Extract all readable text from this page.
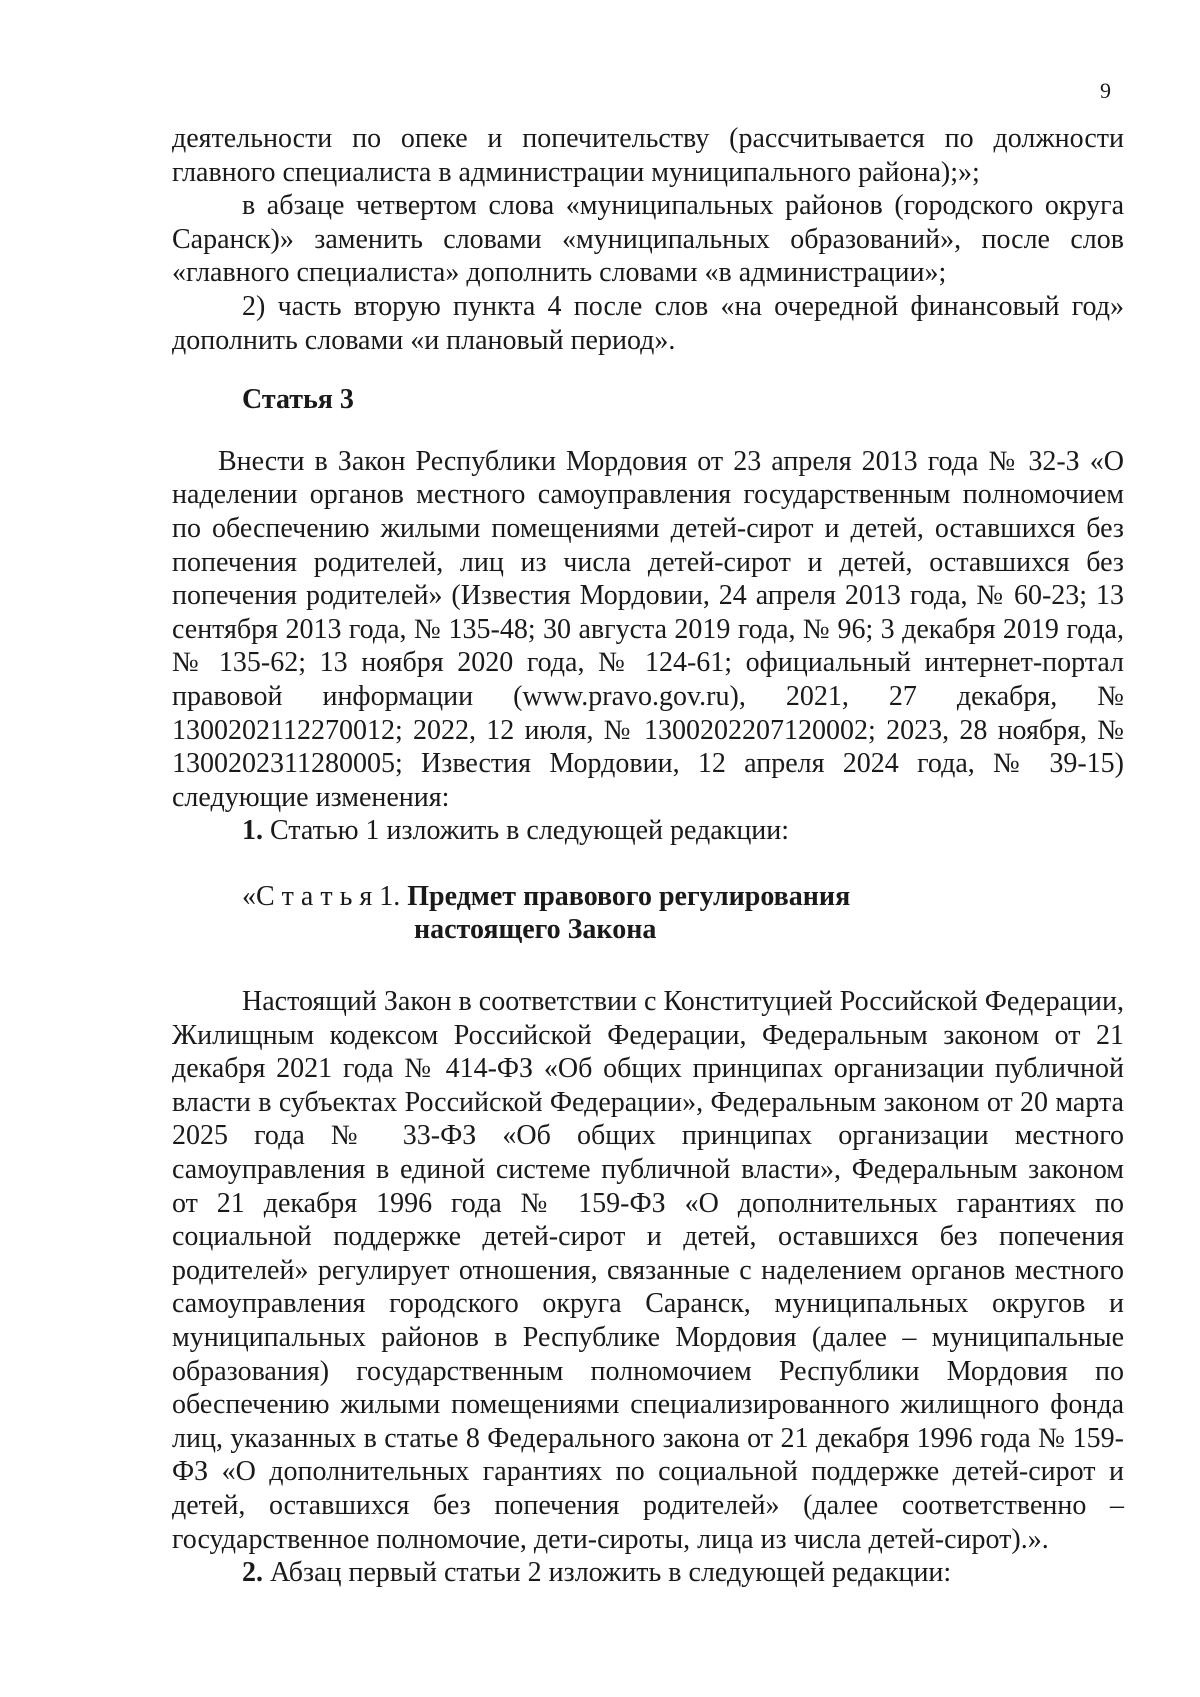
9

деятельности по опеке и попечительству (рассчитывается по должности главного специалиста в администрации муниципального района);»;

в абзаце четвертом слова «муниципальных районов (городского округа Саранск)» заменить словами «муниципальных образований», после слов «главного специалиста» дополнить словами «в администрации»;

2) часть вторую пункта 4 после слов «на очередной финансовый год» дополнить словами «и плановый период».

Статья 3

Внести в Закон Республики Мордовия от 23 апреля 2013 года № 32-З «О наделении органов местного самоуправления государственным полномочием по обеспечению жилыми помещениями детей-сирот и детей, оставшихся без попечения родителей, лиц из числа детей-сирот и детей, оставшихся без попечения родителей» (Известия Мордовии, 24 апреля 2013 года, № 60-23; 13 сентября 2013 года, № 135-48; 30 августа 2019 года, № 96; 3 декабря 2019 года, № 135-62; 13 ноября 2020 года, № 124-61; официальный интернет-портал правовой информации (www.pravo.gov.ru), 2021, 27 декабря, № 1300202112270012; 2022, 12 июля, № 1300202207120002; 2023, 28 ноября, № 1300202311280005; Известия Мордовии, 12 апреля 2024 года, № 39-15) следующие изменения:

1. Статью 1 изложить в следующей редакции:

«С т а т ь я 1. Предмет правового регулирования

настоящего Закона

Настоящий Закон в соответствии с Конституцией Российской Федерации, Жилищным кодексом Российской Федерации, Федеральным законом от 21 декабря 2021 года № 414-ФЗ «Об общих принципах организации публичной власти в субъектах Российской Федерации», Федеральным законом от 20 марта 2025 года № 33-ФЗ «Об общих принципах организации местного самоуправления в единой системе публичной власти», Федеральным законом от 21 декабря 1996 года № 159-ФЗ «О дополнительных гарантиях по социальной поддержке детей-сирот и детей, оставшихся без попечения родителей» регулирует отношения, связанные с наделением органов местного самоуправления городского округа Саранск, муниципальных округов и муниципальных районов в Республике Мордовия (далее – муниципальные образования) государственным полномочием Республики Мордовия по обеспечению жилыми помещениями специализированного жилищного фонда лиц, указанных в статье 8 Федерального закона от 21 декабря 1996 года № 159-ФЗ «О дополнительных гарантиях по социальной поддержке детей-сирот и детей, оставшихся без попечения родителей» (далее соответственно – государственное полномочие, дети-сироты, лица из числа детей-сирот).».

2. Абзац первый статьи 2 изложить в следующей редакции:
